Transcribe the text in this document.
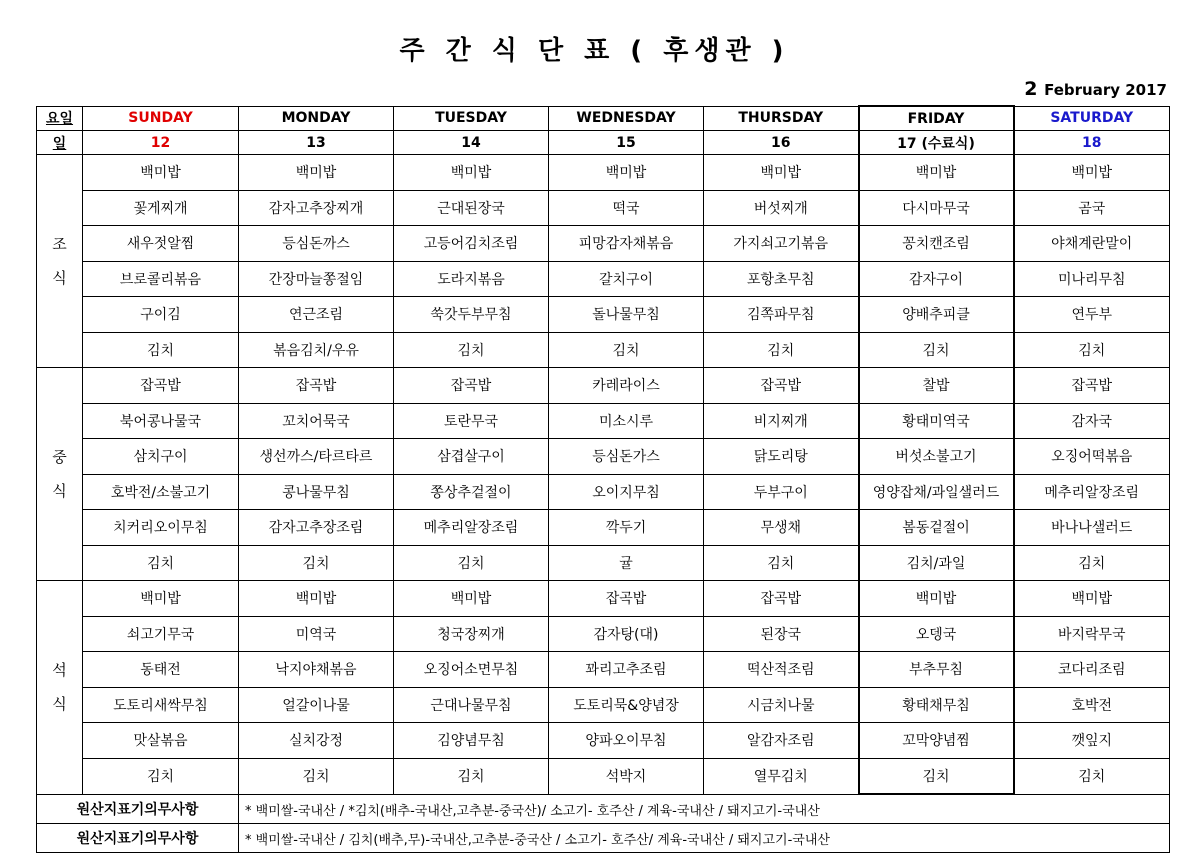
주 간 식 단 표 ( 후생관 )
2 February 2017
요일	SUNDAY	MONDAY	TUESDAY	WEDNESDAY	THURSDAY	FRIDAY	SATURDAY
일	12	13	14	15	16	17 (수료식)	18

조
식	백미밥	백미밥	백미밥	백미밥	백미밥	백미밥	백미밥
	꽃게찌개	감자고추장찌개	근대된장국	떡국	버섯찌개	다시마무국	곰국
	새우젓알찜	등심돈까스	고등어김치조림	피망감자채볶음	가지쇠고기볶음	꽁치캔조림	야채계란말이
	브로콜리볶음	간장마늘쫑절임	도라지볶음	갈치구이	포항초무침	감자구이	미나리무침
	구이김	연근조림	쑥갓두부무침	돌나물무침	김쪽파무침	양배추피클	연두부
	김치	볶음김치/우유	김치	김치	김치	김치	김치

중
식	잡곡밥	잡곡밥	잡곡밥	카레라이스	잡곡밥	찰밥	잡곡밥
	북어콩나물국	꼬치어묵국	토란무국	미소시루	비지찌개	황태미역국	감자국
	삼치구이	생선까스/타르타르	삼겹살구이	등심돈가스	닭도리탕	버섯소불고기	오징어떡볶음
	호박전/소불고기	콩나물무침	쫑상추겉절이	오이지무침	두부구이	영양잡채/과일샐러드	메추리알장조림
	치커리오이무침	감자고추장조림	메추리알장조림	깍두기	무생채	봄동겉절이	바나나샐러드
	김치	김치	김치	귤	김치	김치/과일	김치

석
식	백미밥	백미밥	백미밥	잡곡밥	잡곡밥	백미밥	백미밥
	쇠고기무국	미역국	청국장찌개	감자탕(대)	된장국	오뎅국	바지락무국
	동태전	낙지야채볶음	오징어소면무침	꽈리고추조림	떡산적조림	부추무침	코다리조림
	도토리새싹무침	얼갈이나물	근대나물무침	도토리묵&양념장	시금치나물	황태채무침	호박전
	맛살볶음	실치강정	김양념무침	양파오이무침	알감자조림	꼬막양념찜	깻잎지
	김치	김치	김치	석박지	열무김치	김치	김치
원산지표기의무사항		* 백미쌀-국내산 / *김치(배추-국내산,고추분-중국산)/ 소고기- 호주산 / 계육-국내산 / 돼지고기-국내산					
원산지표기의무사항		* 백미쌀-국내산 / 김치(배추,무)-국내산,고추분-중국산 / 소고기- 호주산/ 계육-국내산 / 돼지고기-국내산					
